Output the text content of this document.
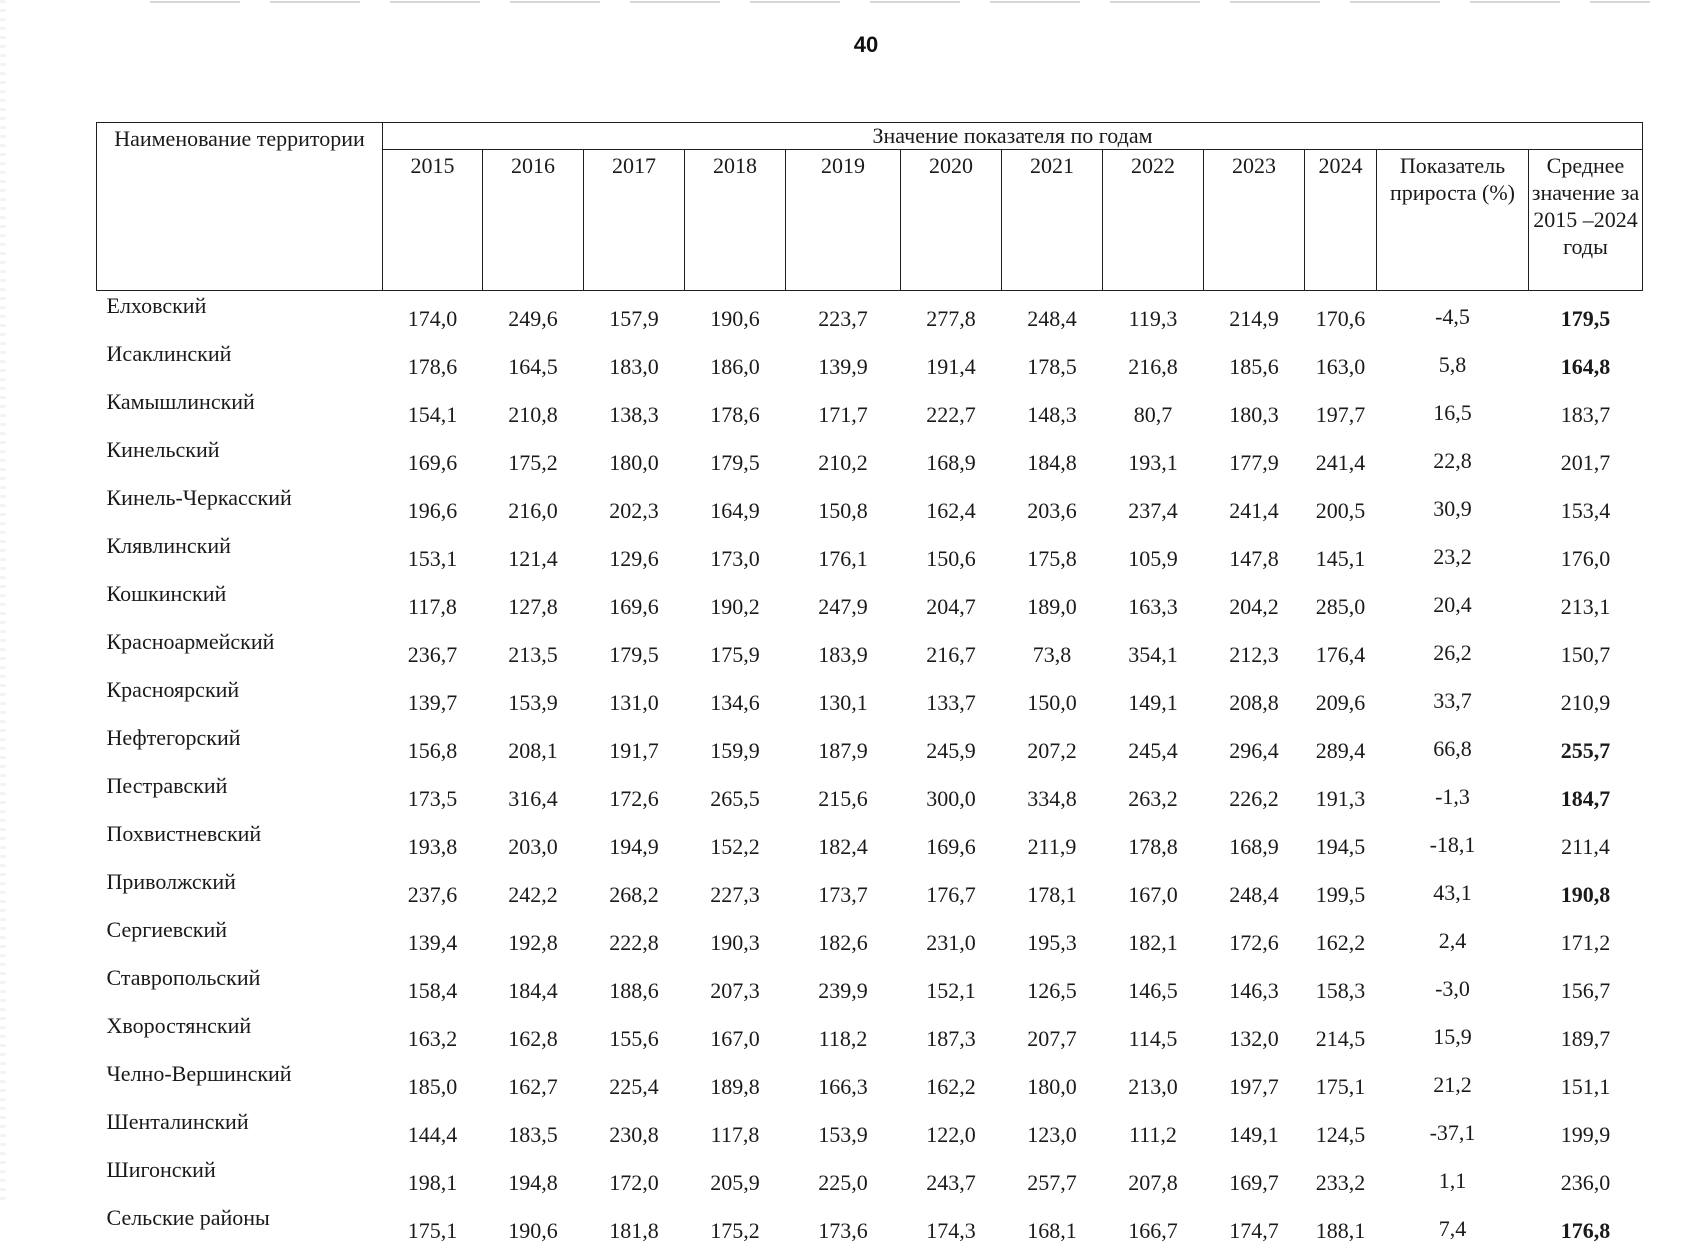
40
Наименование территории	Значение показателя по годам											
	2015	2016	2017	2018	2019	2020	2021	2022	2023	2024	Показатель прироста (%)	Среднее значение за 2015 –2024 годы
Елховский	174,0	249,6	157,9	190,6	223,7	277,8	248,4	119,3	214,9	170,6	-4,5	179,5
Исаклинский	178,6	164,5	183,0	186,0	139,9	191,4	178,5	216,8	185,6	163,0	5,8	164,8
Камышлинский	154,1	210,8	138,3	178,6	171,7	222,7	148,3	80,7	180,3	197,7	16,5	183,7
Кинельский	169,6	175,2	180,0	179,5	210,2	168,9	184,8	193,1	177,9	241,4	22,8	201,7
Кинель-Черкасский	196,6	216,0	202,3	164,9	150,8	162,4	203,6	237,4	241,4	200,5	30,9	153,4
Клявлинский	153,1	121,4	129,6	173,0	176,1	150,6	175,8	105,9	147,8	145,1	23,2	176,0
Кошкинский	117,8	127,8	169,6	190,2	247,9	204,7	189,0	163,3	204,2	285,0	20,4	213,1
Красноармейский	236,7	213,5	179,5	175,9	183,9	216,7	73,8	354,1	212,3	176,4	26,2	150,7
Красноярский	139,7	153,9	131,0	134,6	130,1	133,7	150,0	149,1	208,8	209,6	33,7	210,9
Нефтегорский	156,8	208,1	191,7	159,9	187,9	245,9	207,2	245,4	296,4	289,4	66,8	255,7
Пестравский	173,5	316,4	172,6	265,5	215,6	300,0	334,8	263,2	226,2	191,3	-1,3	184,7
Похвистневский	193,8	203,0	194,9	152,2	182,4	169,6	211,9	178,8	168,9	194,5	-18,1	211,4
Приволжский	237,6	242,2	268,2	227,3	173,7	176,7	178,1	167,0	248,4	199,5	43,1	190,8
Сергиевский	139,4	192,8	222,8	190,3	182,6	231,0	195,3	182,1	172,6	162,2	2,4	171,2
Ставропольский	158,4	184,4	188,6	207,3	239,9	152,1	126,5	146,5	146,3	158,3	-3,0	156,7
Хворостянский	163,2	162,8	155,6	167,0	118,2	187,3	207,7	114,5	132,0	214,5	15,9	189,7
Челно-Вершинский	185,0	162,7	225,4	189,8	166,3	162,2	180,0	213,0	197,7	175,1	21,2	151,1
Шенталинский	144,4	183,5	230,8	117,8	153,9	122,0	123,0	111,2	149,1	124,5	-37,1	199,9
Шигонский	198,1	194,8	172,0	205,9	225,0	243,7	257,7	207,8	169,7	233,2	1,1	236,0
Сельские районы	175,1	190,6	181,8	175,2	173,6	174,3	168,1	166,7	174,7	188,1	7,4	176,8
